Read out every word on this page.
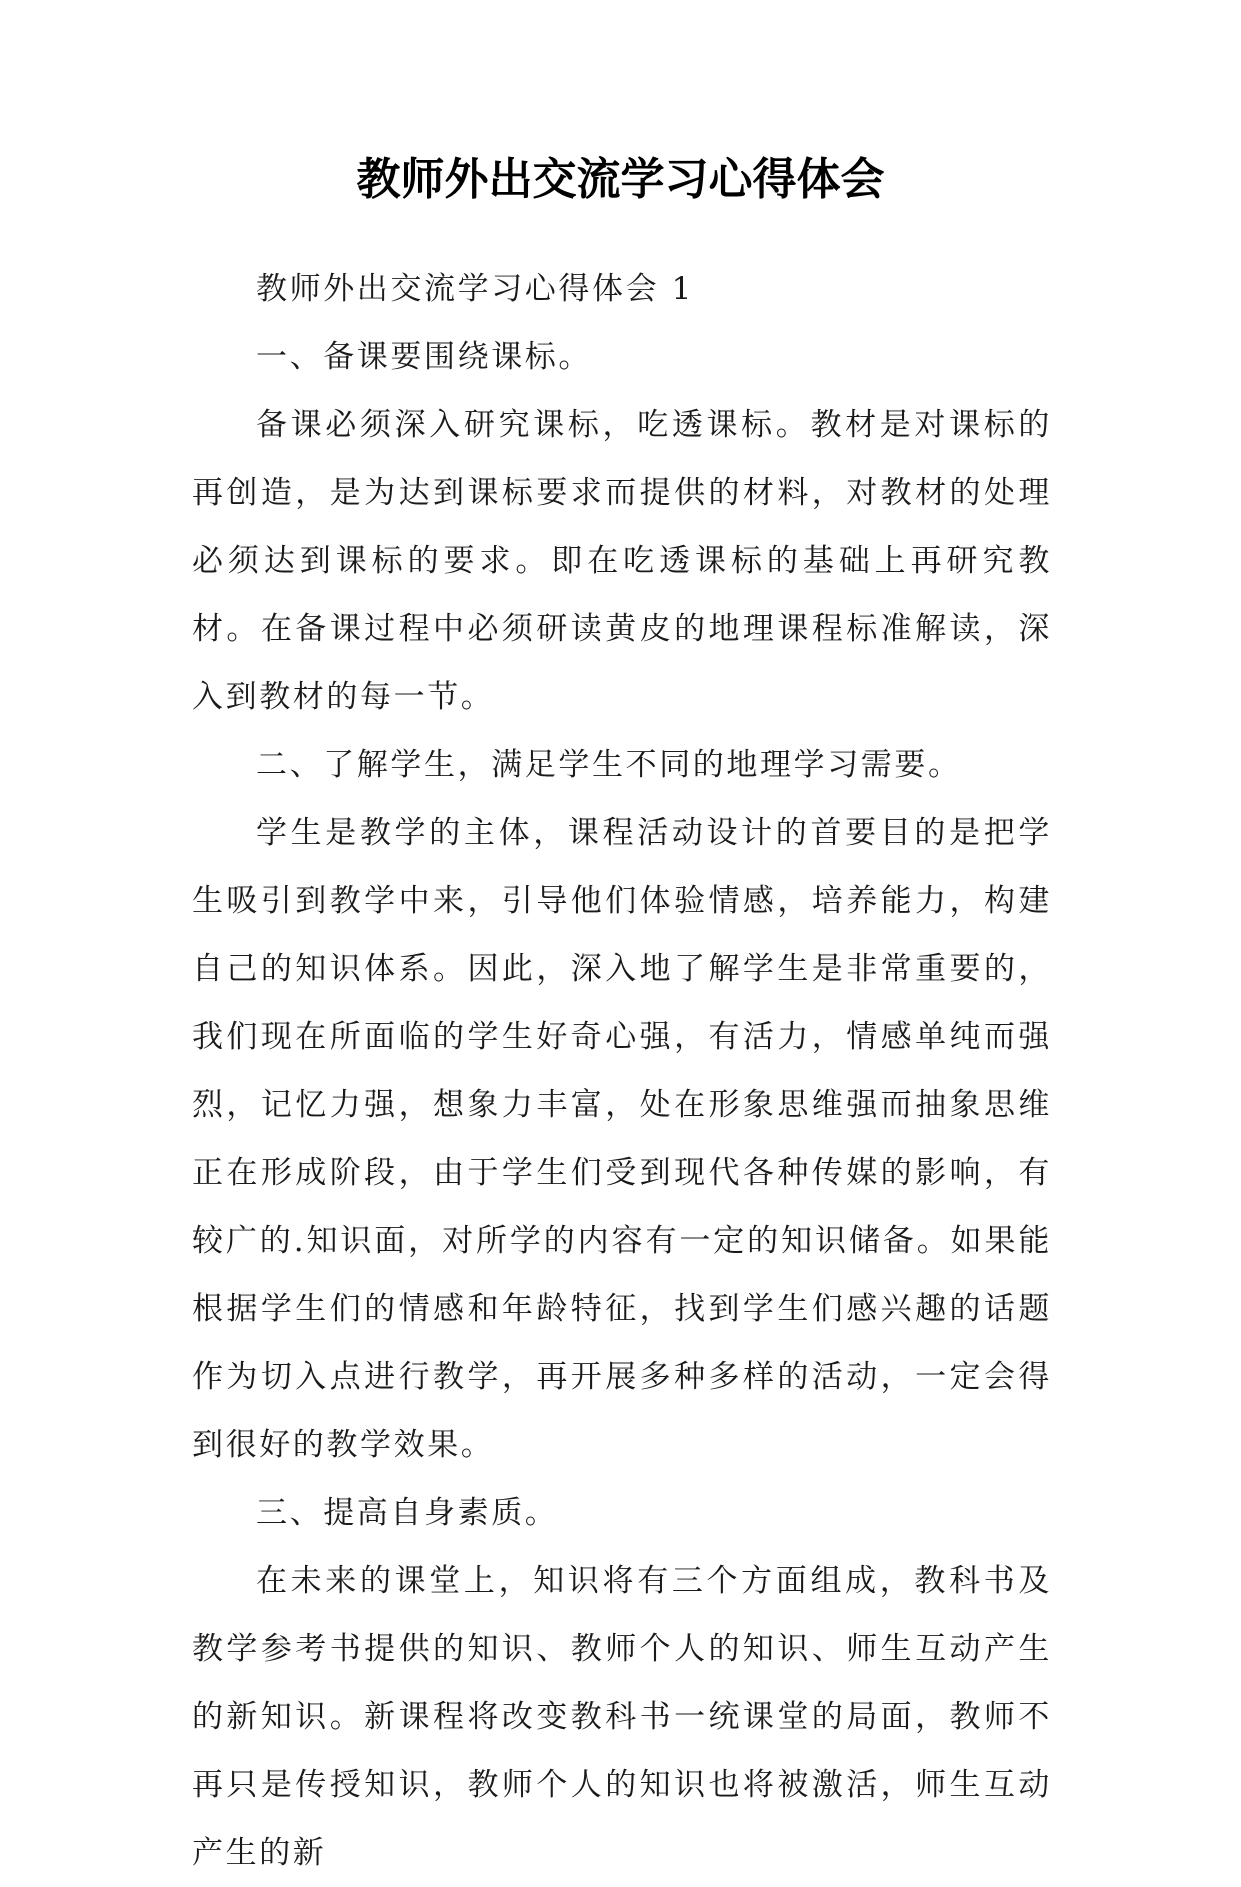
教师外出交流学习心得体会

教师外出交流学习心得体会 1

一、备课要围绕课标。

备课必须深入研究课标，吃透课标。教材是对课标的再创造，是为达到课标要求而提供的材料，对教材的处理必须达到课标的要求。即在吃透课标的基础上再研究教材。在备课过程中必须研读黄皮的地理课程标准解读，深入到教材的每一节。

二、了解学生，满足学生不同的地理学习需要。

学生是教学的主体，课程活动设计的首要目的是把学生吸引到教学中来，引导他们体验情感，培养能力，构建自己的知识体系。因此，深入地了解学生是非常重要的，我们现在所面临的学生好奇心强，有活力，情感单纯而强烈，记忆力强，想象力丰富，处在形象思维强而抽象思维正在形成阶段，由于学生们受到现代各种传媒的影响，有较广的.知识面，对所学的内容有一定的知识储备。如果能根据学生们的情感和年龄特征，找到学生们感兴趣的话题作为切入点进行教学，再开展多种多样的活动，一定会得到很好的教学效果。

三、提高自身素质。

在未来的课堂上，知识将有三个方面组成，教科书及教学参考书提供的知识、教师个人的知识、师生互动产生的新知识。新课程将改变教科书一统课堂的局面，教师不再只是传授知识，教师个人的知识也将被激活，师生互动产生的新
